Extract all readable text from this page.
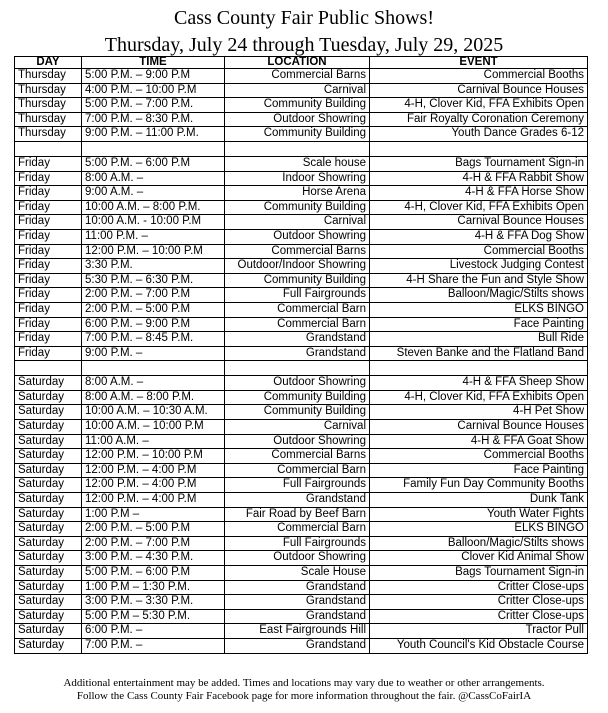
Cass County Fair Public Shows!
Thursday, July 24 through Tuesday, July 29, 2025
DAY	TIME	LOCATION	EVENT
Thursday	5:00 P.M. – 9:00 P.M	Commercial Barns	Commercial Booths
Thursday	4:00 P.M. – 10:00 P.M	Carnival	Carnival Bounce Houses
Thursday	5:00 P.M. – 7:00 P.M.	Community Building	4-H, Clover Kid, FFA Exhibits Open
Thursday	7:00 P.M. – 8:30 P.M.	Outdoor Showring	Fair Royalty Coronation Ceremony
Thursday	9:00 P.M. – 11:00 P.M.	Community Building	Youth Dance Grades 6-12

Friday	5:00 P.M. – 6:00 P.M	Scale house	Bags Tournament Sign-in
Friday	8:00 A.M. –	Indoor Showring	4-H & FFA Rabbit Show
Friday	9:00 A.M. –	Horse Arena	4-H & FFA Horse Show
Friday	10:00 A.M. – 8:00 P.M.	Community Building	4-H, Clover Kid, FFA Exhibits Open
Friday	10:00 A.M. - 10:00 P.M	Carnival	Carnival Bounce Houses
Friday	11:00 P.M. –	Outdoor Showring	4-H & FFA Dog Show
Friday	12:00 P.M. – 10:00 P.M	Commercial Barns	Commercial Booths
Friday	3:30 P.M.	Outdoor/Indoor Showring	Livestock Judging Contest
Friday	5:30 P.M. – 6:30 P.M.	Community Building	4-H Share the Fun and Style Show
Friday	2:00 P.M. – 7:00 P.M	Full Fairgrounds	Balloon/Magic/Stilts shows
Friday	2:00 P.M. – 5:00 P.M	Commercial Barn	ELKS BINGO
Friday	6:00 P.M. – 9:00 P.M	Commercial Barn	Face Painting
Friday	7:00 P.M. – 8:45 P.M.	Grandstand	Bull Ride
Friday	9:00 P.M. –	Grandstand	Steven Banke and the Flatland Band

Saturday	8:00 A.M. –	Outdoor Showring	4-H & FFA Sheep Show
Saturday	8:00 A.M. – 8:00 P.M.	Community Building	4-H, Clover Kid, FFA Exhibits Open
Saturday	10:00 A.M. – 10:30 A.M.	Community Building	4-H Pet Show
Saturday	10:00 A.M. – 10:00 P.M	Carnival	Carnival Bounce Houses
Saturday	11:00 A.M. –	Outdoor Showring	4-H & FFA Goat Show
Saturday	12:00 P.M. – 10:00 P.M	Commercial Barns	Commercial Booths
Saturday	12:00 P.M. – 4:00 P.M	Commercial Barn	Face Painting
Saturday	12:00 P.M. – 4:00 P.M	Full Fairgrounds	Family Fun Day Community Booths
Saturday	12:00 P.M. – 4:00 P.M	Grandstand	Dunk Tank
Saturday	1:00 P.M –	Fair Road by Beef Barn	Youth Water Fights
Saturday	2:00 P.M. – 5:00 P.M	Commercial Barn	ELKS BINGO
Saturday	2:00 P.M. – 7:00 P.M	Full Fairgrounds	Balloon/Magic/Stilts shows
Saturday	3:00 P.M. – 4:30 P.M.	Outdoor Showring	Clover Kid Animal Show
Saturday	5:00 P.M. – 6:00 P.M	Scale House	Bags Tournament Sign-in
Saturday	1:00 P.M – 1:30 P.M.	Grandstand	Critter Close-ups
Saturday	3:00 P.M. – 3:30 P.M.	Grandstand	Critter Close-ups
Saturday	5:00 P.M – 5:30 P.M.	Grandstand	Critter Close-ups
Saturday	6:00 P.M. –	East Fairgrounds Hill	Tractor Pull
Saturday	7:00 P.M. –	Grandstand	Youth Council's Kid Obstacle Course
Additional entertainment may be added. Times and locations may vary due to weather or other arrangements.
Follow the Cass County Fair Facebook page for more information throughout the fair. @CassCoFairIA
